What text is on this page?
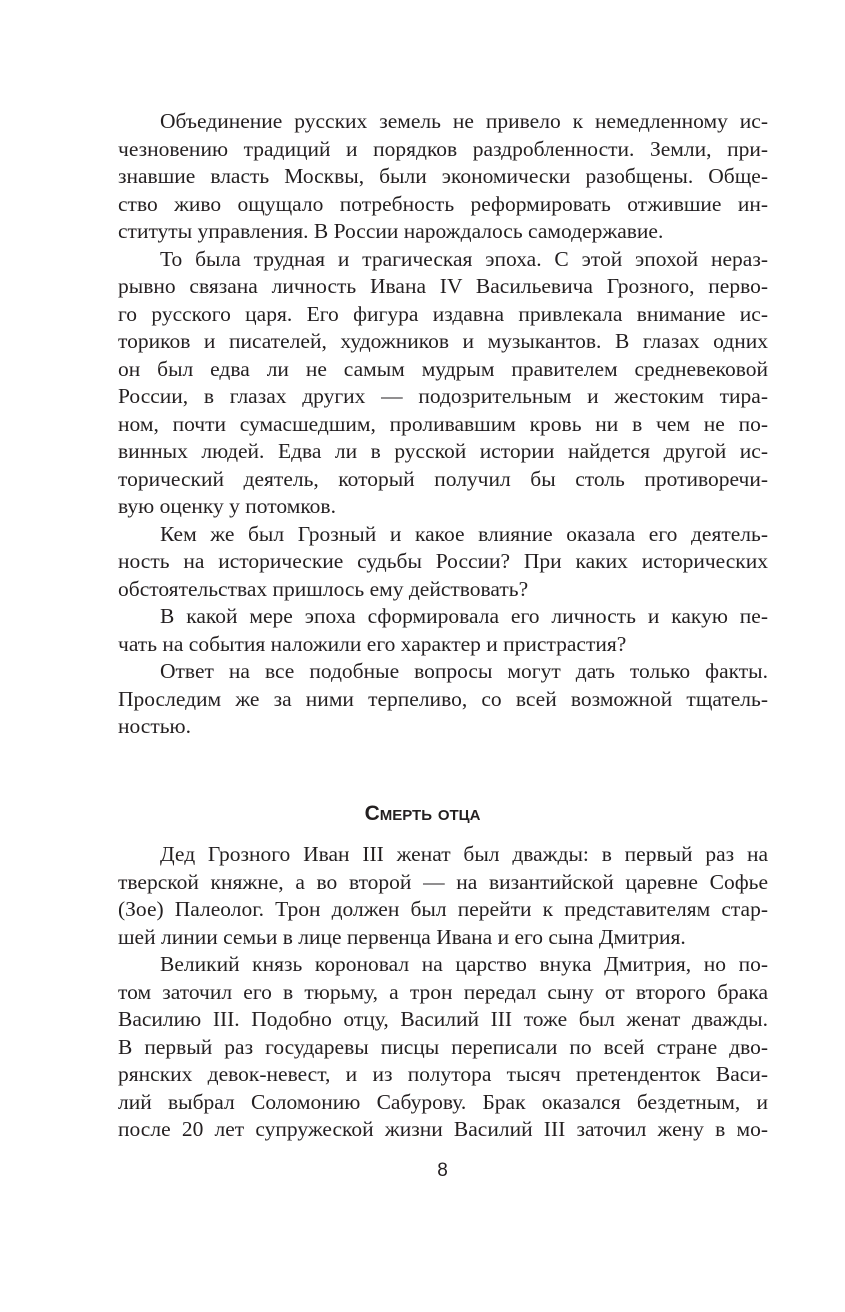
Объединение русских земель не привело к немедленному ис-
чезновению традиций и порядков раздробленности. Земли, при-
знавшие власть Москвы, были экономически разобщены. Обще-
ство живо ощущало потребность реформировать отжившие ин-
ституты управления. В России нарождалось самодержавие.
То была трудная и трагическая эпоха. С этой эпохой нераз-
рывно связана личность Ивана IV Васильевича Грозного, перво-
го русского царя. Его фигура издавна привлекала внимание ис-
ториков и писателей, художников и музыкантов. В глазах одних
он был едва ли не самым мудрым правителем средневековой
России, в глазах других — подозрительным и жестоким тира-
ном, почти сумасшедшим, проливавшим кровь ни в чем не по-
винных людей. Едва ли в русской истории найдется другой ис-
торический деятель, который получил бы столь противоречи-
вую оценку у потомков.
Кем же был Грозный и какое влияние оказала его деятель-
ность на исторические судьбы России? При каких исторических
обстоятельствах пришлось ему действовать?
В какой мере эпоха сформировала его личность и какую пе-
чать на события наложили его характер и пристрастия?
Ответ на все подобные вопросы могут дать только факты.
Проследим же за ними терпеливо, со всей возможной тщатель-
ностью.
Смерть отца
Дед Грозного Иван III женат был дважды: в первый раз на
тверской княжне, а во второй — на византийской царевне Софье
(Зое) Палеолог. Трон должен был перейти к представителям стар-
шей линии семьи в лице первенца Ивана и его сына Дмитрия.
Великий князь короновал на царство внука Дмитрия, но по-
том заточил его в тюрьму, а трон передал сыну от второго брака
Василию III. Подобно отцу, Василий III тоже был женат дважды.
В первый раз государевы писцы переписали по всей стране дво-
рянских девок-невест, и из полутора тысяч претенденток Васи-
лий выбрал Соломонию Сабурову. Брак оказался бездетным, и
после 20 лет супружеской жизни Василий III заточил жену в мо-
8
